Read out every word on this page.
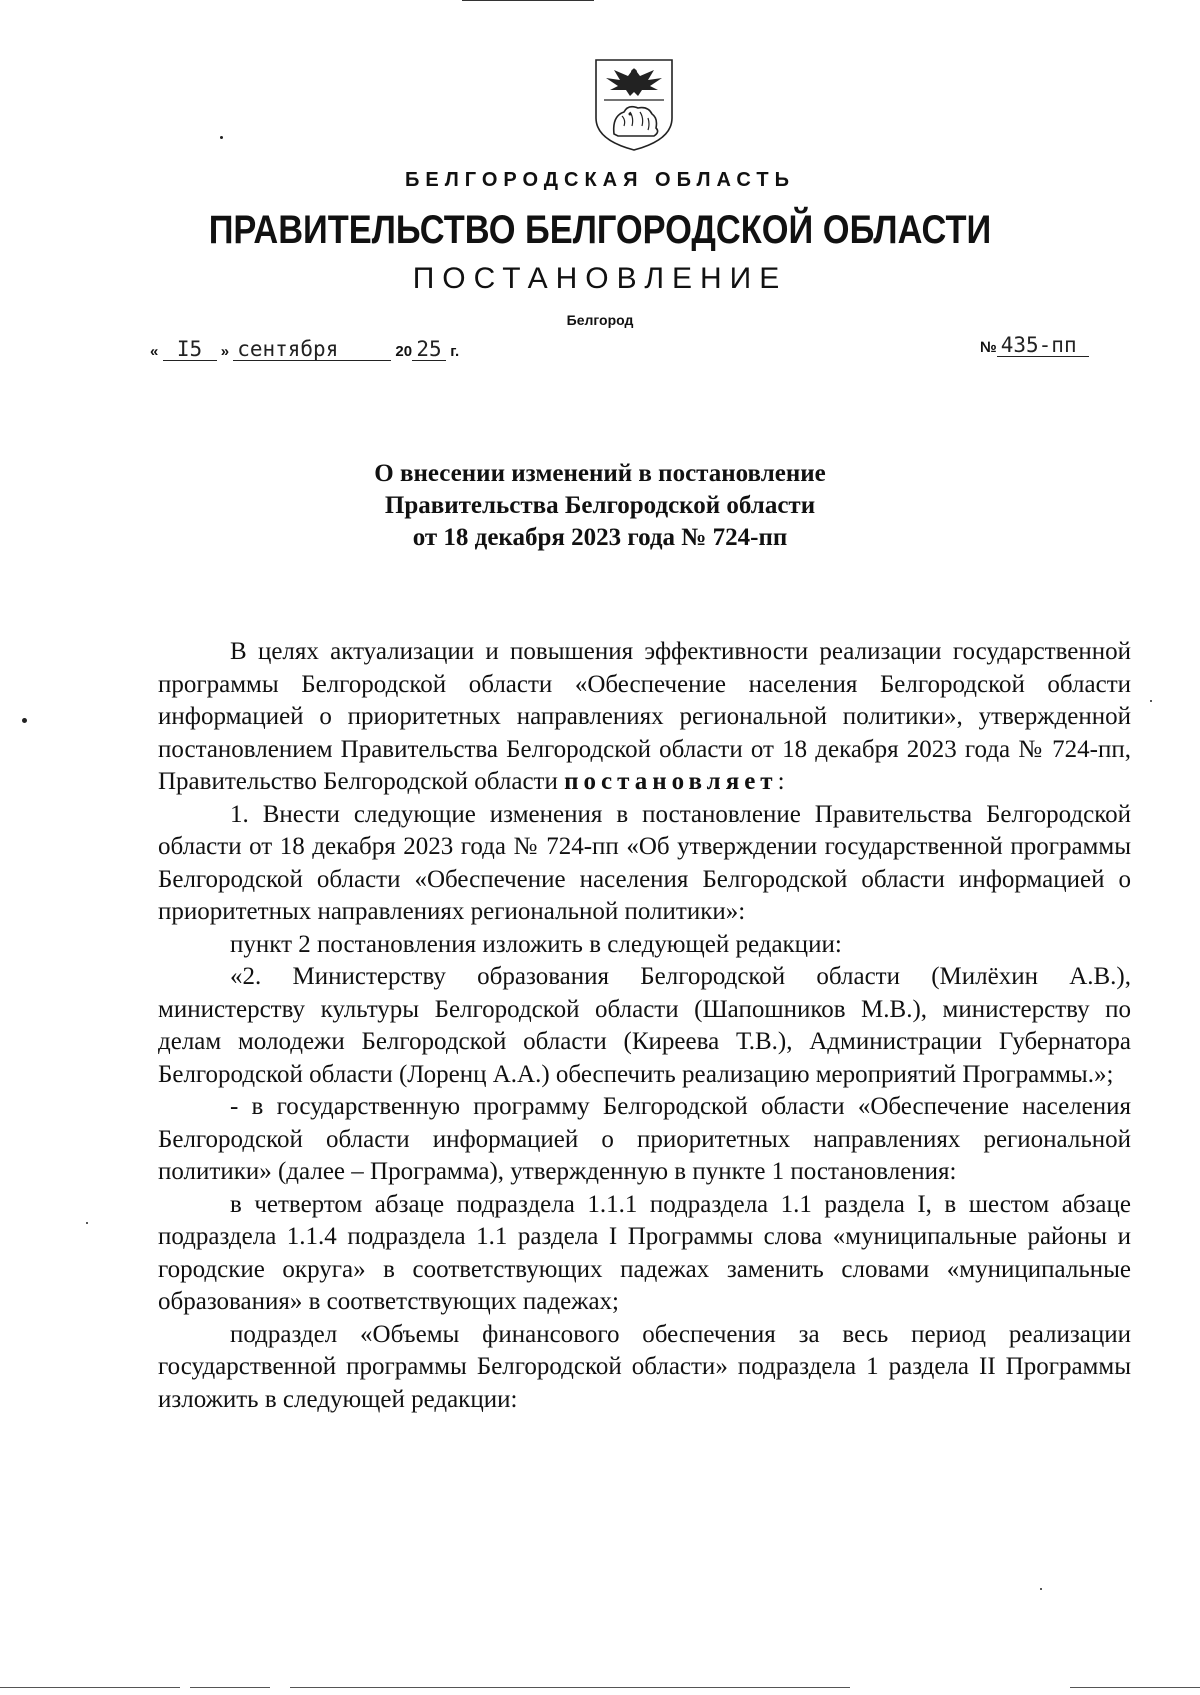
БЕЛГОРОДСКАЯ ОБЛАСТЬ
ПРАВИТЕЛЬСТВО БЕЛГОРОДСКОЙ ОБЛАСТИ
ПОСТАНОВЛЕНИЕ
Белгород
« I5 » сентября	20 25 г.	№ 435-пп
О внесении изменений в постановление
Правительства Белгородской области
от 18 декабря 2023 года № 724-пп

В целях актуализации и повышения эффективности реализации государственной программы Белгородской области «Обеспечение населения Белгородской области информацией о приоритетных направлениях региональной политики», утвержденной постановлением Правительства Белгородской области от 18 декабря 2023 года № 724-пп, Правительство Белгородской области постановляет:

1. Внести следующие изменения в постановление Правительства Белгородской области от 18 декабря 2023 года № 724-пп «Об утверждении государственной программы Белгородской области «Обеспечение населения Белгородской области информацией о приоритетных направлениях региональной политики»:

пункт 2 постановления изложить в следующей редакции:

«2. Министерству образования Белгородской области (Милёхин А.В.), министерству культуры Белгородской области (Шапошников М.В.), министерству по делам молодежи Белгородской области (Киреева Т.В.), Администрации Губернатора Белгородской области (Лоренц А.А.) обеспечить реализацию мероприятий Программы.»;

- в государственную программу Белгородской области «Обеспечение населения Белгородской области информацией о приоритетных направлениях региональной политики» (далее – Программа), утвержденную в пункте 1 постановления:

в четвертом абзаце подраздела 1.1.1 подраздела 1.1 раздела I, в шестом абзаце подраздела 1.1.4 подраздела 1.1 раздела I Программы слова «муниципальные районы и городские округа» в соответствующих падежах заменить словами «муниципальные образования» в соответствующих падежах;

подраздел «Объемы финансового обеспечения за весь период реализации государственной программы Белгородской области» подраздела 1 раздела II Программы изложить в следующей редакции:
